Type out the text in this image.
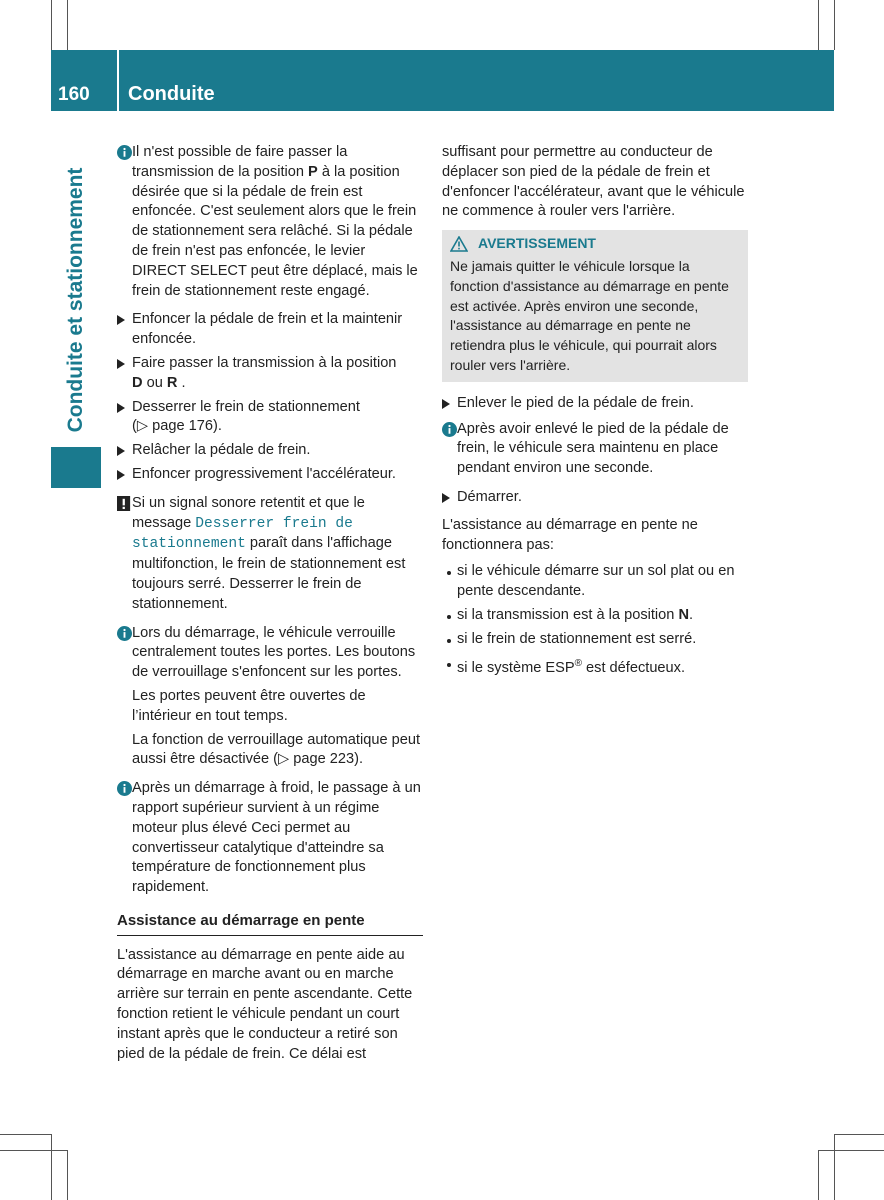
160 Conduite
Conduite et stationnement
Il n'est possible de faire passer la transmission de la position P à la position désirée que si la pédale de frein est enfoncée. C'est seulement alors que le frein de stationnement sera relâché. Si la pédale de frein n'est pas enfoncée, le levier DIRECT SELECT peut être déplacé, mais le frein de stationnement reste engagé.
Enfoncer la pédale de frein et la maintenir enfoncée.
Faire passer la transmission à la position
D ou R .
Desserrer le frein de stationnement
(▷ page 176).
Relâcher la pédale de frein.
Enfoncer progressivement l'accélérateur.
Si un signal sonore retentit et que le message Desserrer frein de stationnement paraît dans l'affichage multifonction, le frein de stationnement est toujours serré. Desserrer le frein de stationnement.
Lors du démarrage, le véhicule verrouille centralement toutes les portes. Les boutons de verrouillage s'enfoncent sur les portes.
Les portes peuvent être ouvertes de l’intérieur en tout temps.
La fonction de verrouillage automatique peut aussi être désactivée (▷ page 223).
Après un démarrage à froid, le passage à un rapport supérieur survient à un régime moteur plus élevé Ceci permet au convertisseur catalytique d'atteindre sa température de fonctionnement plus rapidement.
Assistance au démarrage en pente
L'assistance au démarrage en pente aide au démarrage en marche avant ou en marche arrière sur terrain en pente ascendante. Cette fonction retient le véhicule pendant un court instant après que le conducteur a retiré son pied de la pédale de frein. Ce délai est
suffisant pour permettre au conducteur de déplacer son pied de la pédale de frein et d'enfoncer l'accélérateur, avant que le véhicule ne commence à rouler vers l'arrière.
AVERTISSEMENT
Ne jamais quitter le véhicule lorsque la fonction d'assistance au démarrage en pente est activée. Après environ une seconde, l'assistance au démarrage en pente ne retiendra plus le véhicule, qui pourrait alors rouler vers l'arrière.
Enlever le pied de la pédale de frein.
Après avoir enlevé le pied de la pédale de frein, le véhicule sera maintenu en place pendant environ une seconde.
Démarrer.
L'assistance au démarrage en pente ne fonctionnera pas:
si le véhicule démarre sur un sol plat ou en pente descendante.
si la transmission est à la position N.
si le frein de stationnement est serré.
si le système ESP® est défectueux.
